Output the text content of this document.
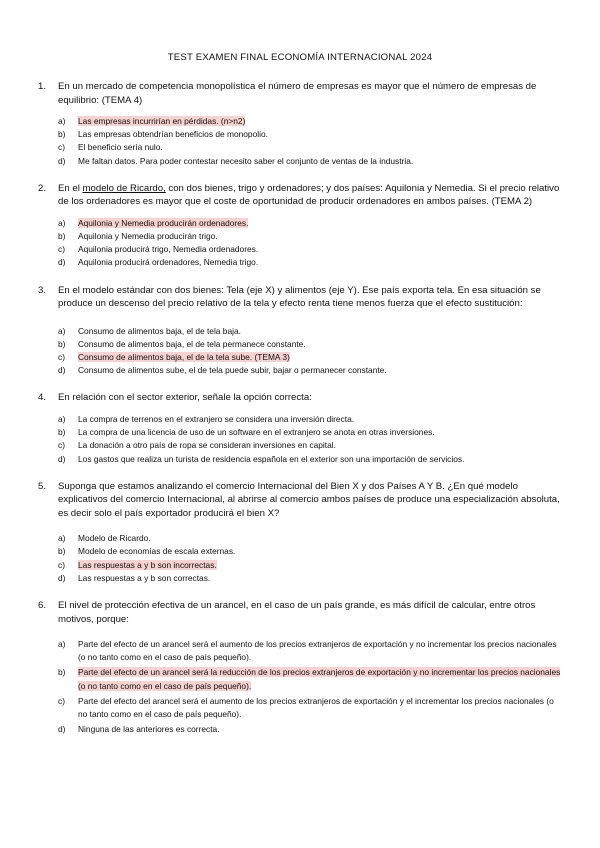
TEST EXAMEN FINAL ECONOMÍA INTERNACIONAL 2024
1.	En un mercado de competencia monopolística el número de empresas es mayor que el número de empresas de equilibrio: (TEMA 4)
a)	Las empresas incurrirían en pérdidas. (n>n2)
b)	Las empresas obtendrían beneficios de monopolio.
c)	El beneficio sería nulo.
d)	Me faltan datos. Para poder contestar necesito saber el conjunto de ventas de la industria.
2.	En el modelo de Ricardo, con dos bienes, trigo y ordenadores; y dos países: Aquilonia y Nemedia. Si el precio relativo de los ordenadores es mayor que el coste de oportunidad de producir ordenadores en ambos países. (TEMA 2)
a)	Aquilonia y Nemedia producirán ordenadores.
b)	Aquilonia y Nemedia producirán trigo.
c)	Aquilonia producirá trigo, Nemedia ordenadores.
d)	Aquilonia producirá ordenadores, Nemedia trigo.
3.	En el modelo estándar con dos bienes: Tela (eje X) y alimentos (eje Y). Ese país exporta tela. En esa situación se produce un descenso del precio relativo de la tela y efecto renta tiene menos fuerza que el efecto sustitución:
a)	Consumo de alimentos baja, el de tela baja.
b)	Consumo de alimentos baja, el de tela permanece constante.
c)	Consumo de alimentos baja, el de la tela sube. (TEMA 3)
d)	Consumo de alimentos sube, el de tela puede subir, bajar o permanecer constante.
4.	En relación con el sector exterior, señale la opción correcta:
a)	La compra de terrenos en el extranjero se considera una inversión directa.
b)	La compra de una licencia de uso de un software en el extranjero se anota en otras inversiones.
c)	La donación a otro país de ropa se consideran inversiones en capital.
d)	Los gastos que realiza un turista de residencia española en el exterior son una importación de servicios.
5.	Suponga que estamos analizando el comercio Internacional del Bien X y dos Países A Y B. ¿En qué modelo explicativos del comercio Internacional, al abrirse al comercio ambos países de produce una especialización absoluta, es decir solo el país exportador producirá el bien X?
a)	Modelo de Ricardo.
b)	Modelo de economías de escala externas.
c)	Las respuestas a y b son incorrectas.
d)	Las respuestas a y b son correctas.
6.	El nivel de protección efectiva de un arancel, en el caso de un país grande, es más difícil de calcular, entre otros motivos, porque:
a)	Parte del efecto de un arancel será el aumento de los precios extranjeros de exportación y no incrementar los precios nacionales (o no tanto como en el caso de país pequeño).
b)	Parte del efecto de un arancel será la reducción de los precios extranjeros de exportación y no incrementar los precios nacionales (o no tanto como en el caso de país pequeño).
c)	Parte del efecto del arancel será el aumento de los precios extranjeros de exportación y el incrementar los precios nacionales (o no tanto como en el caso de país pequeño).
d)	Ninguna de las anteriores es correcta.
